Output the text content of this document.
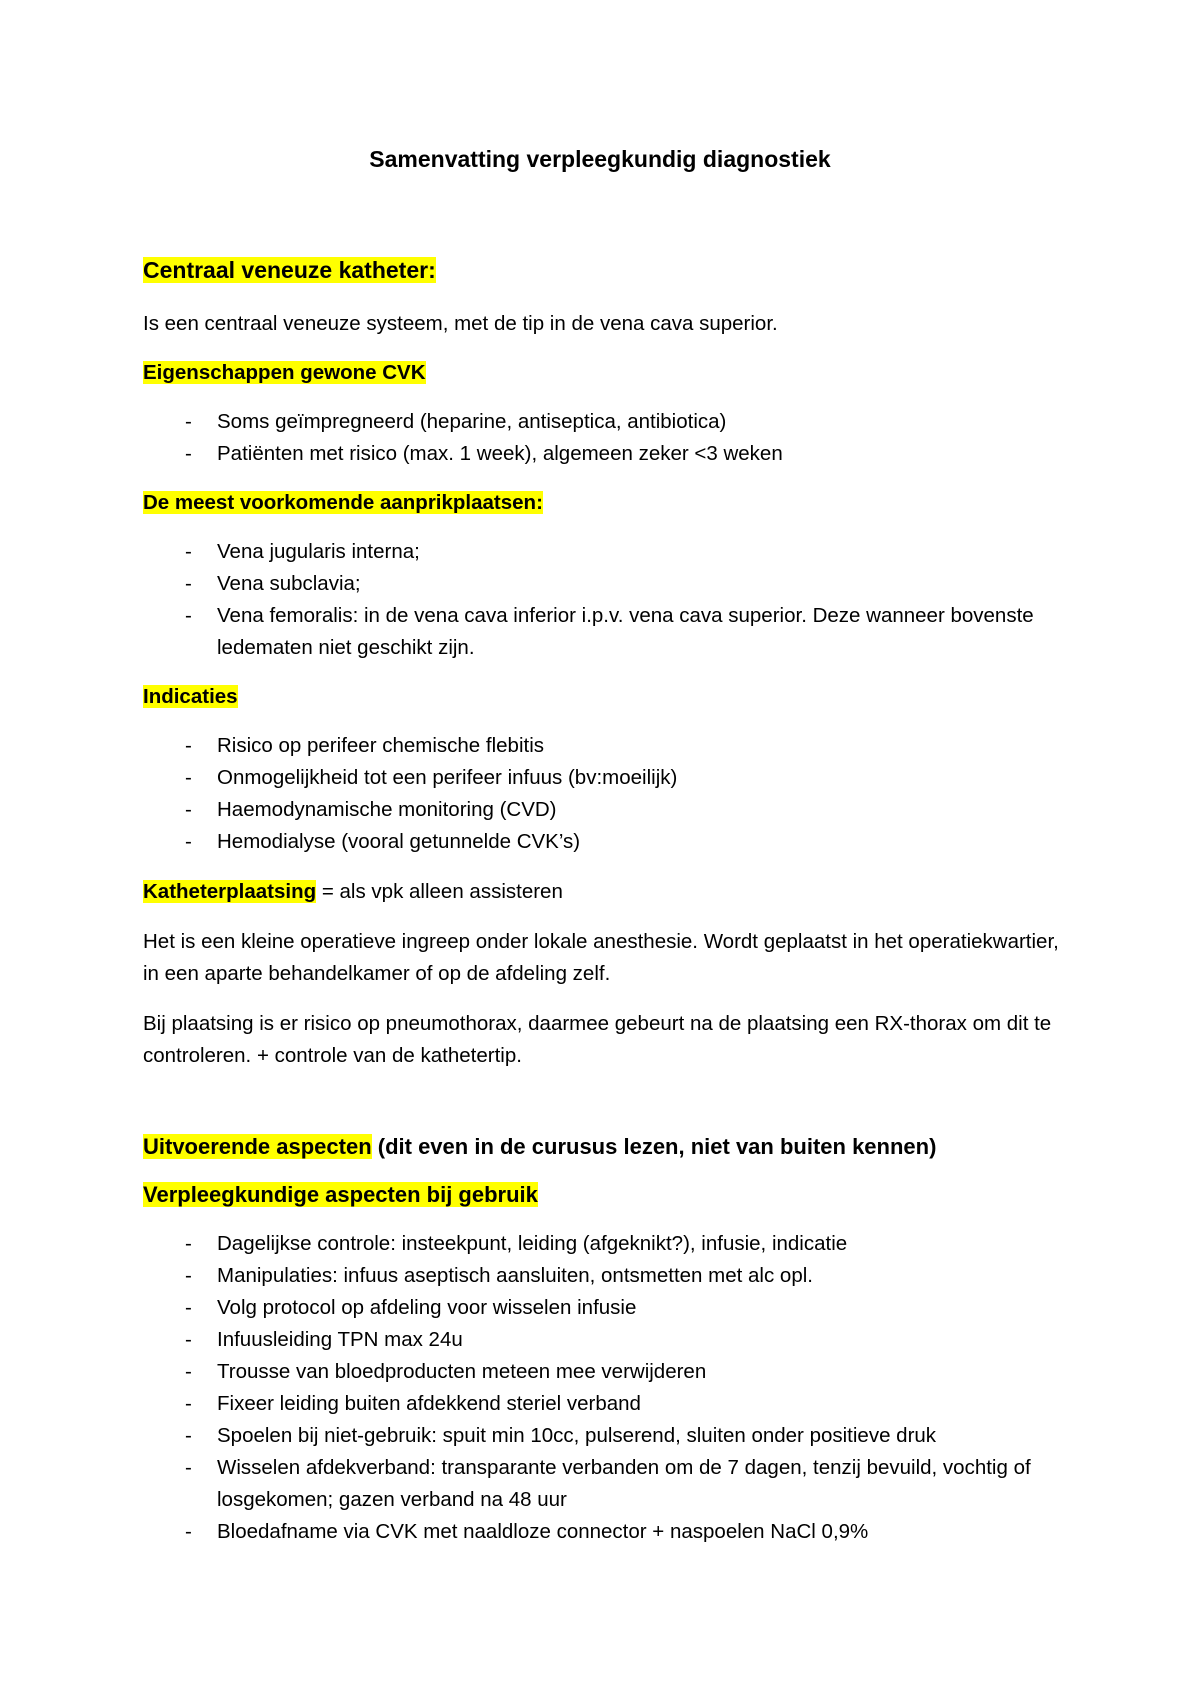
Samenvatting verpleegkundig diagnostiek
Centraal veneuze katheter:

Is een centraal veneuze systeem, met de tip in de vena cava superior.

Eigenschappen gewone CVK
- Soms geïmpregneerd (heparine, antiseptica, antibiotica)
- Patiënten met risico (max. 1 week), algemeen zeker <3 weken
De meest voorkomende aanprikplaatsen:
- Vena jugularis interna;
- Vena subclavia;
- Vena femoralis: in de vena cava inferior i.p.v. vena cava superior. Deze wanneer bovenste ledematen niet geschikt zijn.
Indicaties
- Risico op perifeer chemische flebitis
- Onmogelijkheid tot een perifeer infuus (bv:moeilijk)
- Haemodynamische monitoring (CVD)
- Hemodialyse (vooral getunnelde CVK’s)

Katheterplaatsing = als vpk alleen assisteren

Het is een kleine operatieve ingreep onder lokale anesthesie. Wordt geplaatst in het operatiekwartier, in een aparte behandelkamer of op de afdeling zelf.

Bij plaatsing is er risico op pneumothorax, daarmee gebeurt na de plaatsing een RX-thorax om dit te controleren. + controle van de kathetertip.

Uitvoerende aspecten (dit even in de curusus lezen, niet van buiten kennen)
Verpleegkundige aspecten bij gebruik
- Dagelijkse controle: insteekpunt, leiding (afgeknikt?), infusie, indicatie
- Manipulaties: infuus aseptisch aansluiten, ontsmetten met alc opl.
- Volg protocol op afdeling voor wisselen infusie
- Infuusleiding TPN max 24u
- Trousse van bloedproducten meteen mee verwijderen
- Fixeer leiding buiten afdekkend steriel verband
- Spoelen bij niet-gebruik: spuit min 10cc, pulserend, sluiten onder positieve druk
- Wisselen afdekverband: transparante verbanden om de 7 dagen, tenzij bevuild, vochtig of losgekomen; gazen verband na 48 uur
- Bloedafname via CVK met naaldloze connector + naspoelen NaCl 0,9%
